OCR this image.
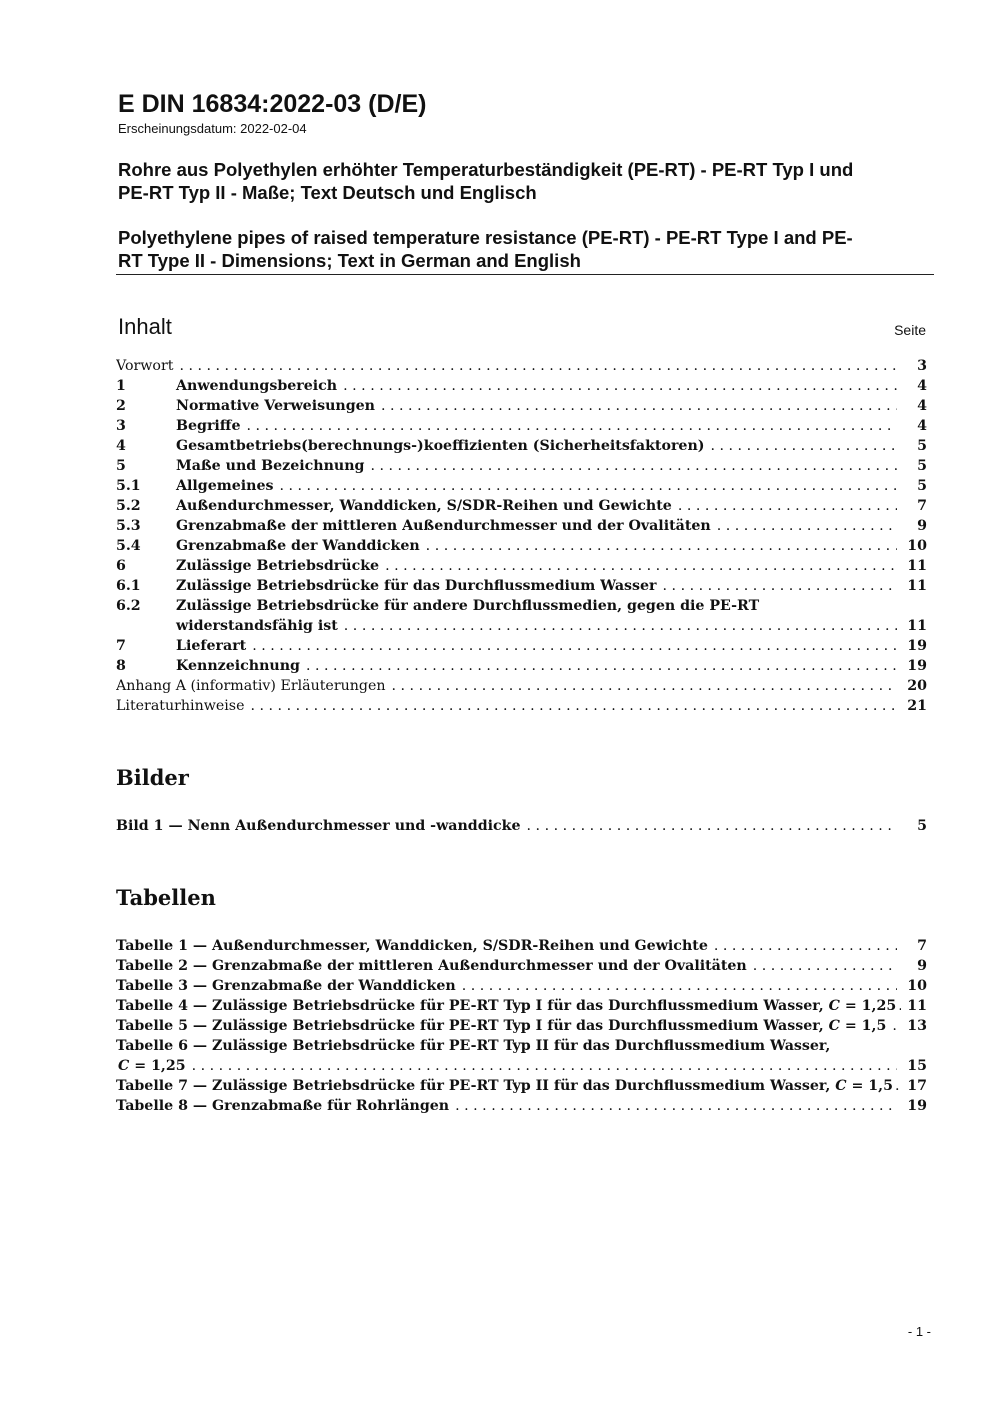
E DIN 16834:2022-03 (D/E)

Erscheinungsdatum: 2022-02-04

Rohre aus Polyethylen erhöhter Temperaturbeständigkeit (PE-RT) - PE-RT Typ I und
PE-RT Typ II - Maße; Text Deutsch und Englisch
Polyethylene pipes of raised temperature resistance (PE-RT) - PE-RT Type I and PE-
RT Type II - Dimensions; Text in German and English
Inhalt	Seite
Vorwort . . .	3
1	Anwendungsbereich . . .	4
2	Normative Verweisungen . . .	4
3	Begriffe . . .	4
4	Gesamtbetriebs(berechnungs-)koeffizienten (Sicherheitsfaktoren) . . .	5
5	Maße und Bezeichnung . . .	5
5.1	Allgemeines . . .	5
5.2	Außendurchmesser, Wanddicken, S/SDR-Reihen und Gewichte . . .	7
5.3	Grenzabmaße der mittleren Außendurchmesser und der Ovalitäten . . .	9
5.4	Grenzabmaße der Wanddicken . . .	10
6	Zulässige Betriebsdrücke . . .	11
6.1	Zulässige Betriebsdrücke für das Durchflussmedium Wasser . . .	11
6.2	Zulässige Betriebsdrücke für andere Durchflussmedien, gegen die PE-RT
widerstandsfähig ist . . .	11
7	Lieferart . . .	19
8	Kennzeichnung . . .	19
Anhang A (informativ) Erläuterungen . . .	20
Literaturhinweise . . .	21
Bilder
Bild 1 — Nenn Außendurchmesser und -wanddicke . . .	5
Tabellen
Tabelle 1 — Außendurchmesser, Wanddicken, S/SDR-Reihen und Gewichte . . .	7
Tabelle 2 — Grenzabmaße der mittleren Außendurchmesser und der Ovalitäten . . .	9
Tabelle 3 — Grenzabmaße der Wanddicken . . .	10
Tabelle 4 — Zulässige Betriebsdrücke für PE-RT Typ I für das Durchflussmedium Wasser, C = 1,25 . . . 11
Tabelle 5 — Zulässige Betriebsdrücke für PE-RT Typ I für das Durchflussmedium Wasser, C = 1,5 . . . 13
Tabelle 6 — Zulässige Betriebsdrücke für PE-RT Typ II für das Durchflussmedium Wasser,
C = 1,25 . . .	15
Tabelle 7 — Zulässige Betriebsdrücke für PE-RT Typ II für das Durchflussmedium Wasser, C = 1,5 . . . 17
Tabelle 8 — Grenzabmaße für Rohrlängen . . .	19
- 1 -
